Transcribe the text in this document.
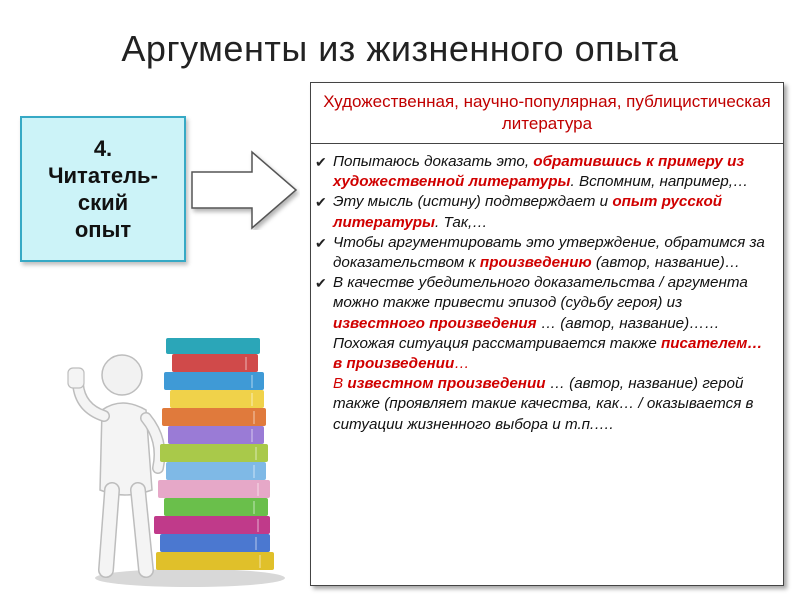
Аргументы из жизненного опыта
4.
Читатель-
ский
опыт
Художественная, научно-популярная, публицистическая литература
✔ Попытаюсь доказать это, обратившись к примеру из художественной литературы. Вспомним, например,…
✔ Эту мысль (истину) подтверждает и опыт русской литературы. Так,…
✔ Чтобы аргументировать это утверждение, обратимся за доказательством к произведению (автор, название)…
✔ В качестве убедительного доказательства / аргумента можно также привести эпизод (судьбу героя) из известного произведения … (автор, название)……
Похожая ситуация рассматривается также писателем… в произведении…
В известном произведении … (автор, название) герой также (проявляет такие качества, как… / оказывается в ситуации жизненного выбора и т.п.….
